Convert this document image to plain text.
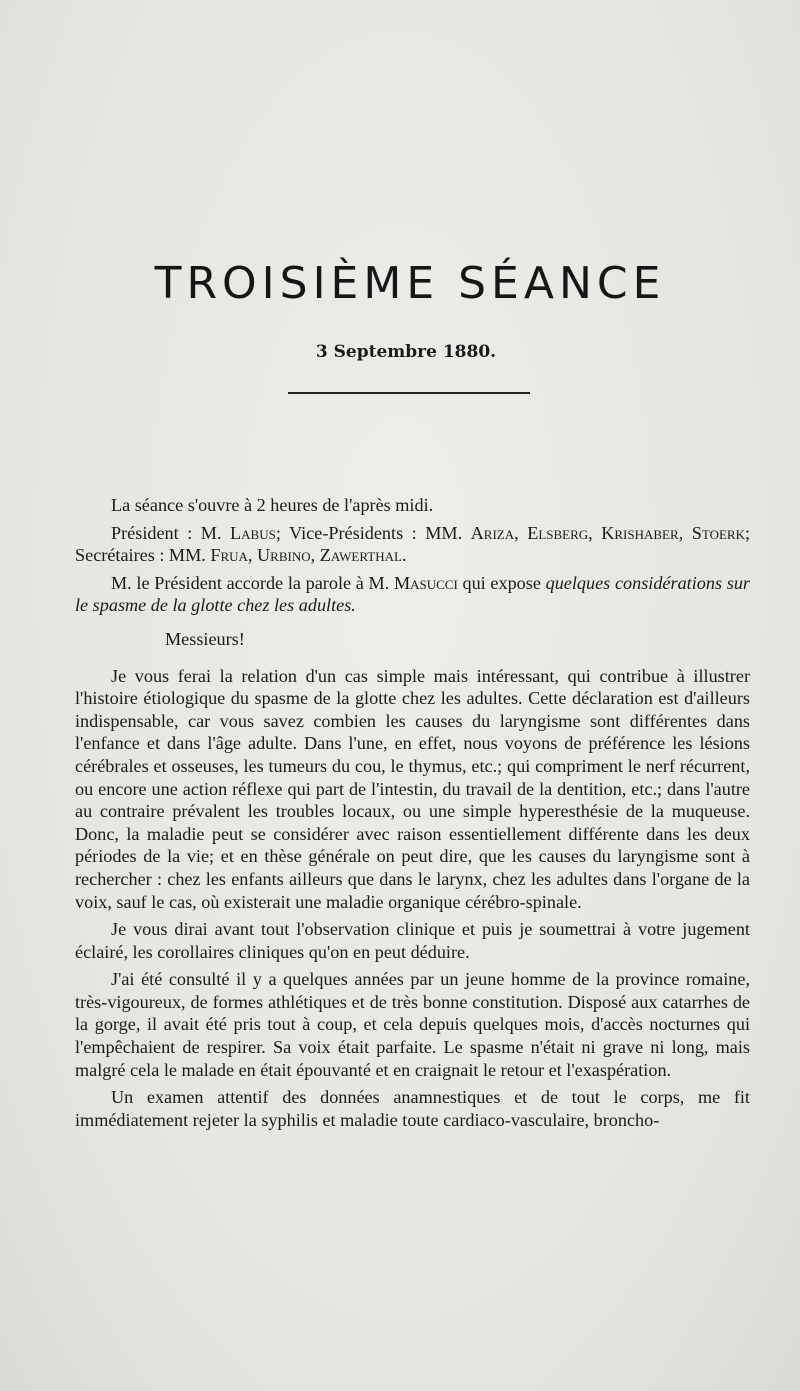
TROISIÈME SÉANCE
3 Septembre 1880.

La séance s'ouvre à 2 heures de l'après midi.

Président : M. Labus; Vice-Présidents : MM. Ariza, Elsberg, Krishaber, Stoerk; Secrétaires : MM. Frua, Urbino, Zawerthal.

M. le Président accorde la parole à M. Masucci qui expose quelques considérations sur le spasme de la glotte chez les adultes.

Messieurs!

Je vous ferai la relation d'un cas simple mais intéressant, qui contribue à illustrer l'histoire étiologique du spasme de la glotte chez les adultes. Cette déclaration est d'ailleurs indispensable, car vous savez combien les causes du laryngisme sont différentes dans l'enfance et dans l'âge adulte. Dans l'une, en effet, nous voyons de préférence les lésions cérébrales et osseuses, les tumeurs du cou, le thymus, etc.; qui compriment le nerf récurrent, ou encore une action réflexe qui part de l'intestin, du travail de la dentition, etc.; dans l'autre au contraire prévalent les troubles locaux, ou une simple hyperesthésie de la muqueuse. Donc, la maladie peut se considérer avec raison essentiellement différente dans les deux périodes de la vie; et en thèse générale on peut dire, que les causes du laryngisme sont à rechercher : chez les enfants ailleurs que dans le larynx, chez les adultes dans l'organe de la voix, sauf le cas, où existerait une maladie organique cérébro-spinale.

Je vous dirai avant tout l'observation clinique et puis je soumettrai à votre jugement éclairé, les corollaires cliniques qu'on en peut déduire.

J'ai été consulté il y a quelques années par un jeune homme de la province romaine, très-vigoureux, de formes athlétiques et de très bonne constitution. Disposé aux catarrhes de la gorge, il avait été pris tout à coup, et cela depuis quelques mois, d'accès nocturnes qui l'empêchaient de respirer. Sa voix était parfaite. Le spasme n'était ni grave ni long, mais malgré cela le malade en était épouvanté et en craignait le retour et l'exaspération.

Un examen attentif des données anamnestiques et de tout le corps, me fit immédiatement rejeter la syphilis et maladie toute cardiaco-vasculaire, broncho-
